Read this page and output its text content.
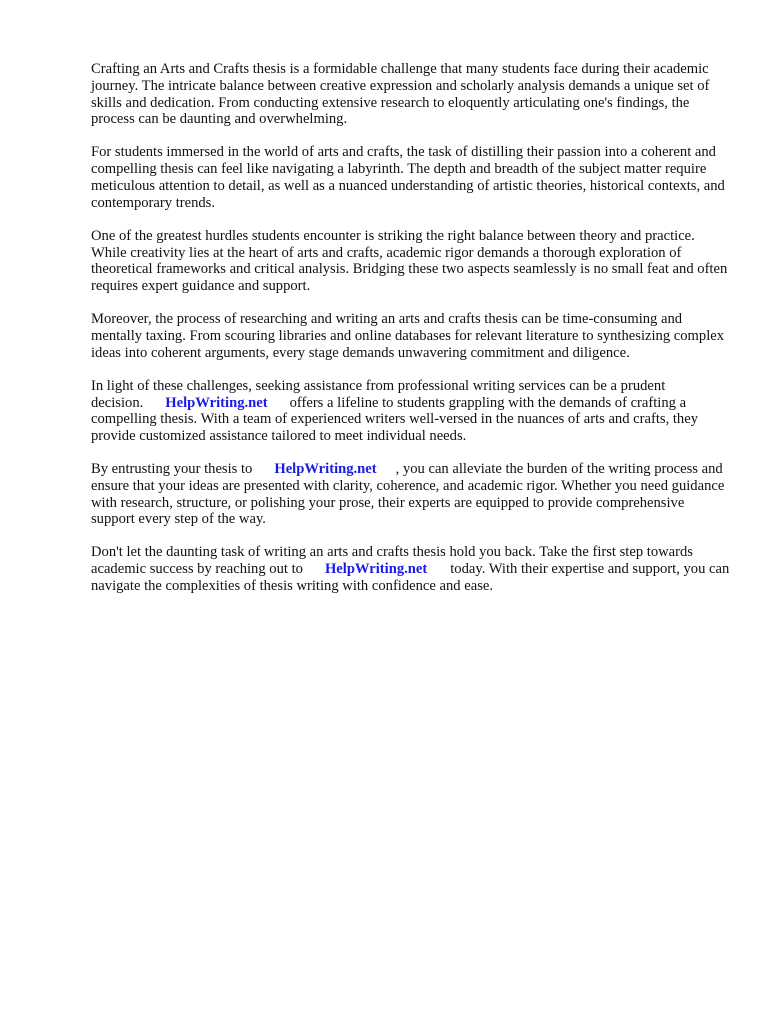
Crafting an Arts and Crafts thesis is a formidable challenge that many students face during their academic journey. The intricate balance between creative expression and scholarly analysis demands a unique set of skills and dedication. From conducting extensive research to eloquently articulating one's findings, the process can be daunting and overwhelming.

For students immersed in the world of arts and crafts, the task of distilling their passion into a coherent and compelling thesis can feel like navigating a labyrinth. The depth and breadth of the subject matter require meticulous attention to detail, as well as a nuanced understanding of artistic theories, historical contexts, and contemporary trends.

One of the greatest hurdles students encounter is striking the right balance between theory and practice. While creativity lies at the heart of arts and crafts, academic rigor demands a thorough exploration of theoretical frameworks and critical analysis. Bridging these two aspects seamlessly is no small feat and often requires expert guidance and support.

Moreover, the process of researching and writing an arts and crafts thesis can be time-consuming and mentally taxing. From scouring libraries and online databases for relevant literature to synthesizing complex ideas into coherent arguments, every stage demands unwavering commitment and diligence.

In light of these challenges, seeking assistance from professional writing services can be a prudent decision. HelpWriting.net offers a lifeline to students grappling with the demands of crafting a compelling thesis. With a team of experienced writers well-versed in the nuances of arts and crafts, they provide customized assistance tailored to meet individual needs.

By entrusting your thesis to HelpWriting.net , you can alleviate the burden of the writing process and ensure that your ideas are presented with clarity, coherence, and academic rigor. Whether you need guidance with research, structure, or polishing your prose, their experts are equipped to provide comprehensive support every step of the way.

Don't let the daunting task of writing an arts and crafts thesis hold you back. Take the first step towards academic success by reaching out to HelpWriting.net today. With their expertise and support, you can navigate the complexities of thesis writing with confidence and ease.
